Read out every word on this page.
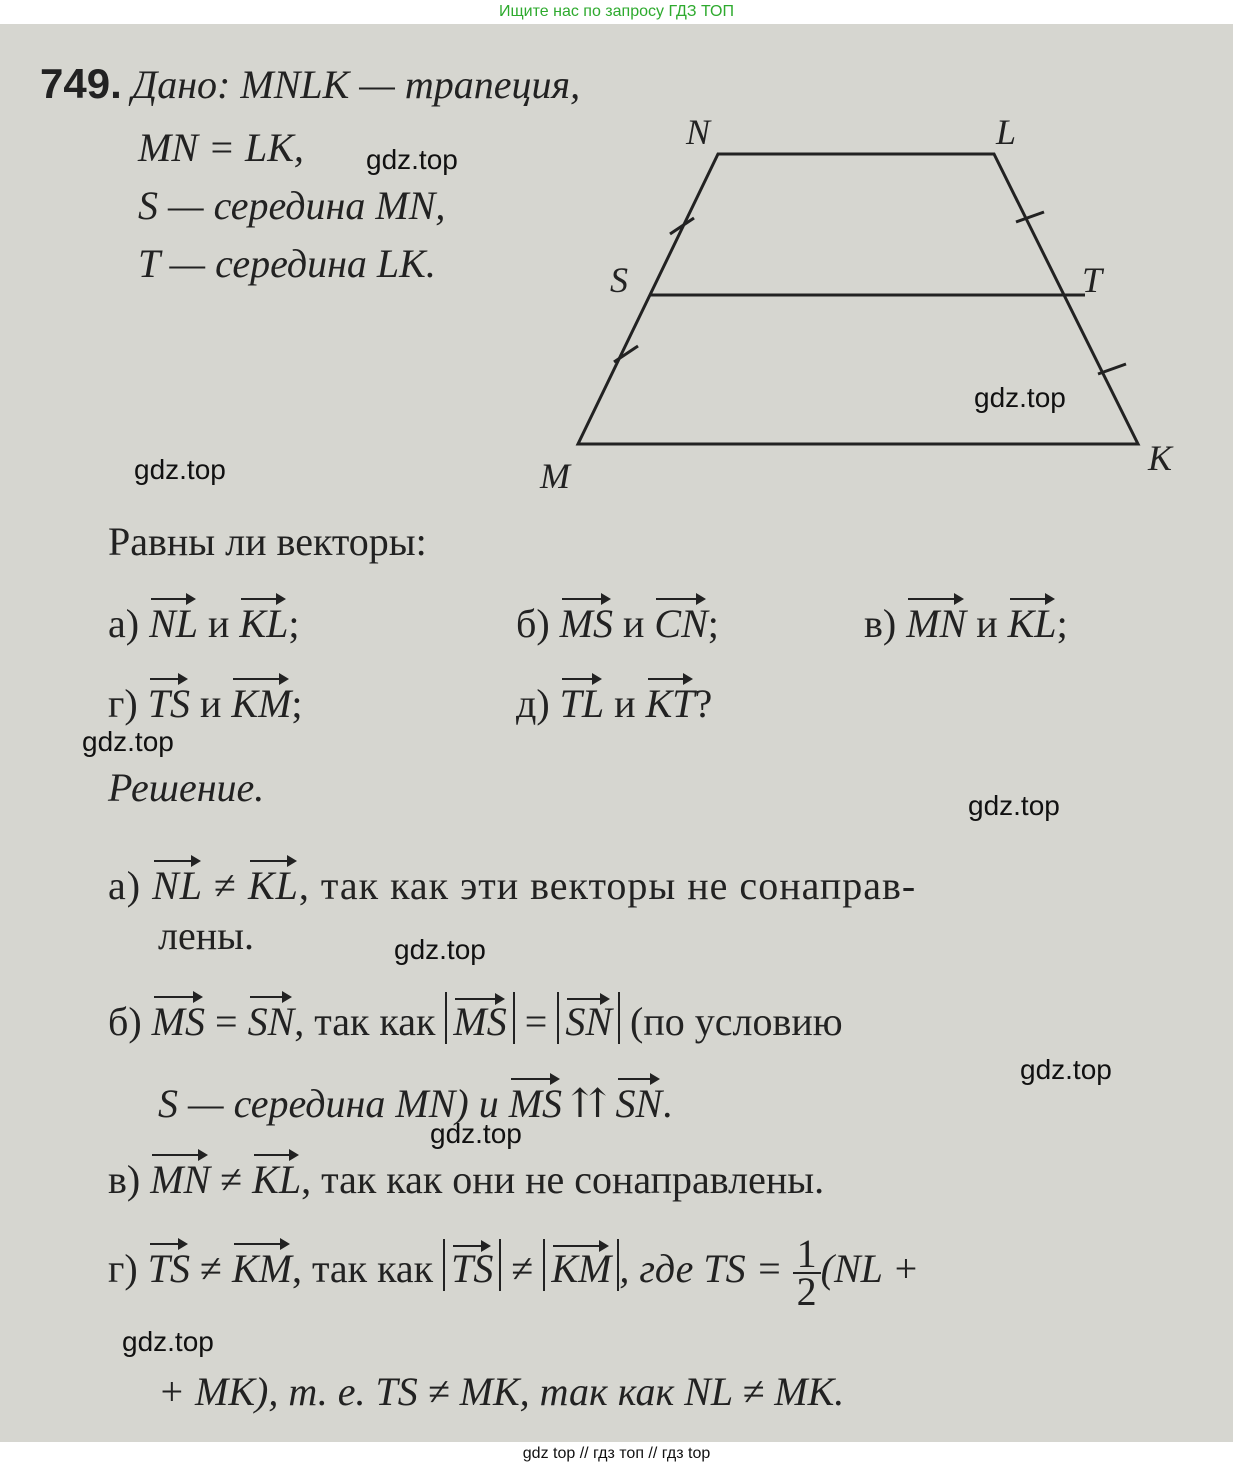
Ищите нас по запросу ГДЗ ТОП
749. Дано: MNLK — трапеция,
MN = LK,
S — середина MN,
T — середина LK.
N	L
S	T
M	K
Равны ли векторы:
а) NL и KL;	б) MS и CN;	в) MN и KL;
г) TS и KM;	д) TL и KT?
Решение.
а) NL ≠ KL, так как эти векторы не сонаправ-
лены.
б) MS = SN, так как MS = SN (по условию
S — середина MN) и MS ⇈ SN.
в) MN ≠ KL, так как они не сонаправлены.
г) TS ≠ KM, так как TS ≠ KM , где TS = $\frac{1}{2} (NL$ +
+ MK), т. е. TS ≠ MK, так как NL ≠ MK.
gdz.top
gdz.top
gdz.top
gdz.top
gdz.top
gdz.top
gdz.top
gdz.top
gdz.top
gdz top // гдз топ // гдз top
